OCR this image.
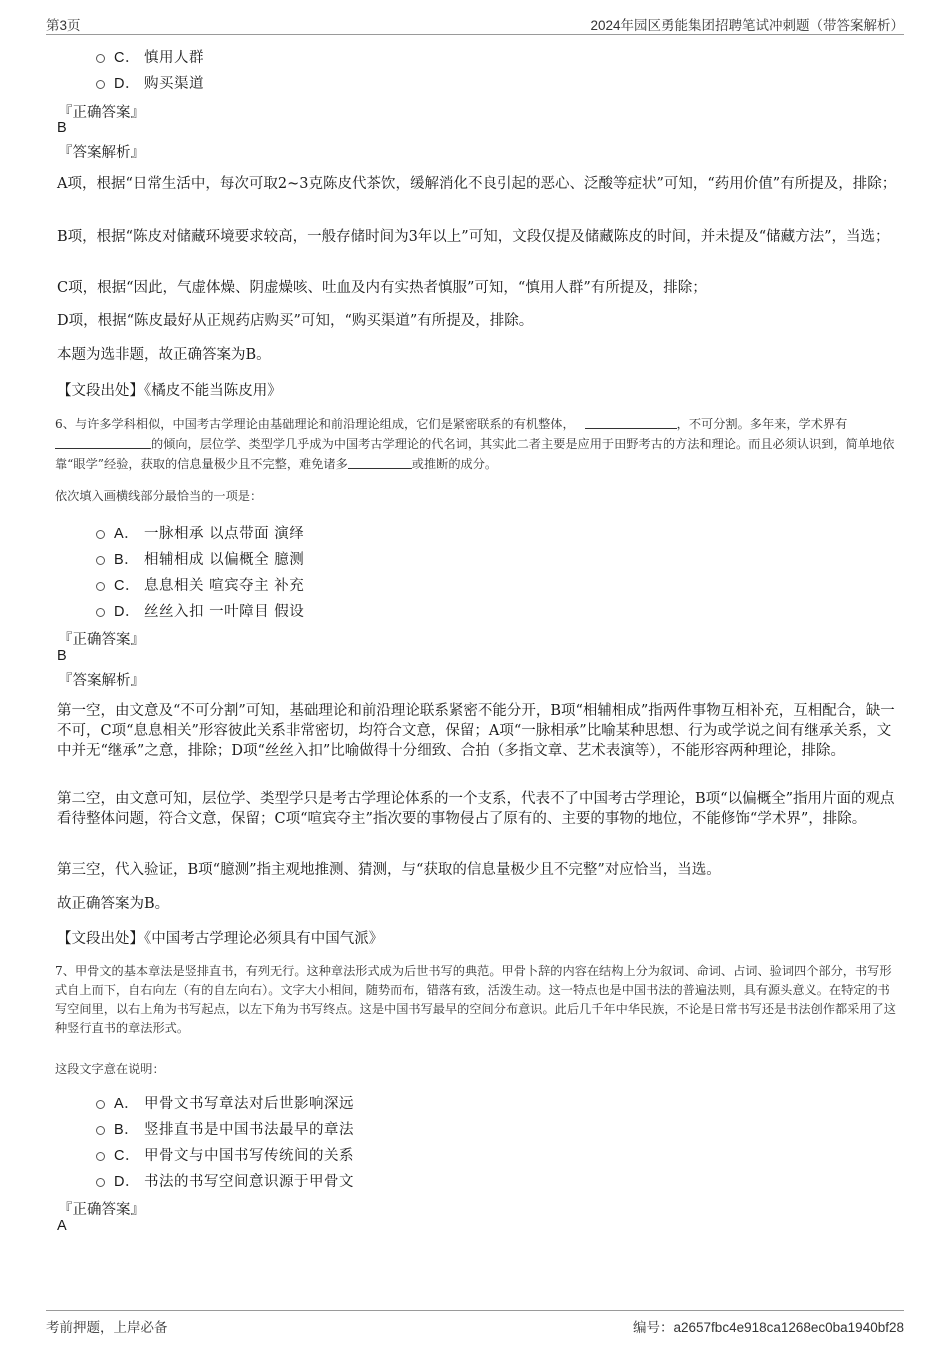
第3页	2024年园区勇能集团招聘笔试冲刺题（带答案解析）
C． 慎用人群
D． 购买渠道
『正确答案』
B
『答案解析』
A项，根据“日常生活中，每次可取2~3克陈皮代茶饮，缓解消化不良引起的恶心、泛酸等症状”可知，“药用价值”有所提及，排除；
B项，根据“陈皮对储藏环境要求较高，一般存储时间为3年以上”可知，文段仅提及储藏陈皮的时间，并未提及“储藏方法”，当选；
C项，根据“因此，气虚体燥、阴虚燥咳、吐血及内有实热者慎服”可知，“慎用人群”有所提及，排除；
D项，根据“陈皮最好从正规药店购买”可知，“购买渠道”有所提及，排除。
本题为选非题，故正确答案为B。
【文段出处】《橘皮不能当陈皮用》
6、与许多学科相似，中国考古学理论由基础理论和前沿理论组成，它们是紧密联系的有机整体，	，不可分割。多年来，学术界有的倾向，层位学、类型学几乎成为中国考古学理论的代名词，其实此二者主要是应用于田野考古的方法和理论。而且必须认识到，简单地依靠“眼学”经验，获取的信息量极少且不完整，难免诸多	或推断的成分。
依次填入画横线部分最恰当的一项是：
A． 一脉相承 以点带面 演绎
B． 相辅相成 以偏概全 臆测
C． 息息相关 喧宾夺主 补充
D． 丝丝入扣 一叶障目 假设
『正确答案』
B
『答案解析』
第一空，由文意及“不可分割”可知，基础理论和前沿理论联系紧密不能分开，B项“相辅相成”指两件事物互相补充，互相配合，缺一不可，C项“息息相关”形容彼此关系非常密切，均符合文意，保留；A项“一脉相承”比喻某种思想、行为或学说之间有继承关系，文中并无“继承”之意，排除；D项“丝丝入扣”比喻做得十分细致、合拍（多指文章、艺术表演等），不能形容两种理论，排除。
第二空，由文意可知，层位学、类型学只是考古学理论体系的一个支系，代表不了中国考古学理论，B项“以偏概全”指用片面的观点看待整体问题，符合文意，保留；C项“喧宾夺主”指次要的事物侵占了原有的、主要的事物的地位，不能修饰“学术界”，排除。
第三空，代入验证，B项“臆测”指主观地推测、猜测，与“获取的信息量极少且不完整”对应恰当，当选。
故正确答案为B。
【文段出处】《中国考古学理论必须具有中国气派》
7、甲骨文的基本章法是竖排直书，有列无行。这种章法形式成为后世书写的典范。甲骨卜辞的内容在结构上分为叙词、命词、占词、验词四个部分，书写形式自上而下，自右向左（有的自左向右）。文字大小相间，随势而布，错落有致，活泼生动。这一特点也是中国书法的普遍法则，具有源头意义。在特定的书写空间里，以右上角为书写起点，以左下角为书写终点。这是中国书写最早的空间分布意识。此后几千年中华民族，不论是日常书写还是书法创作都采用了这种竖行直书的章法形式。
这段文字意在说明：
A． 甲骨文书写章法对后世影响深远
B． 竖排直书是中国书法最早的章法
C． 甲骨文与中国书写传统间的关系
D． 书法的书写空间意识源于甲骨文
『正确答案』
A
考前押题，上岸必备	编号：a2657fbc4e918ca1268ec0ba1940bf28
